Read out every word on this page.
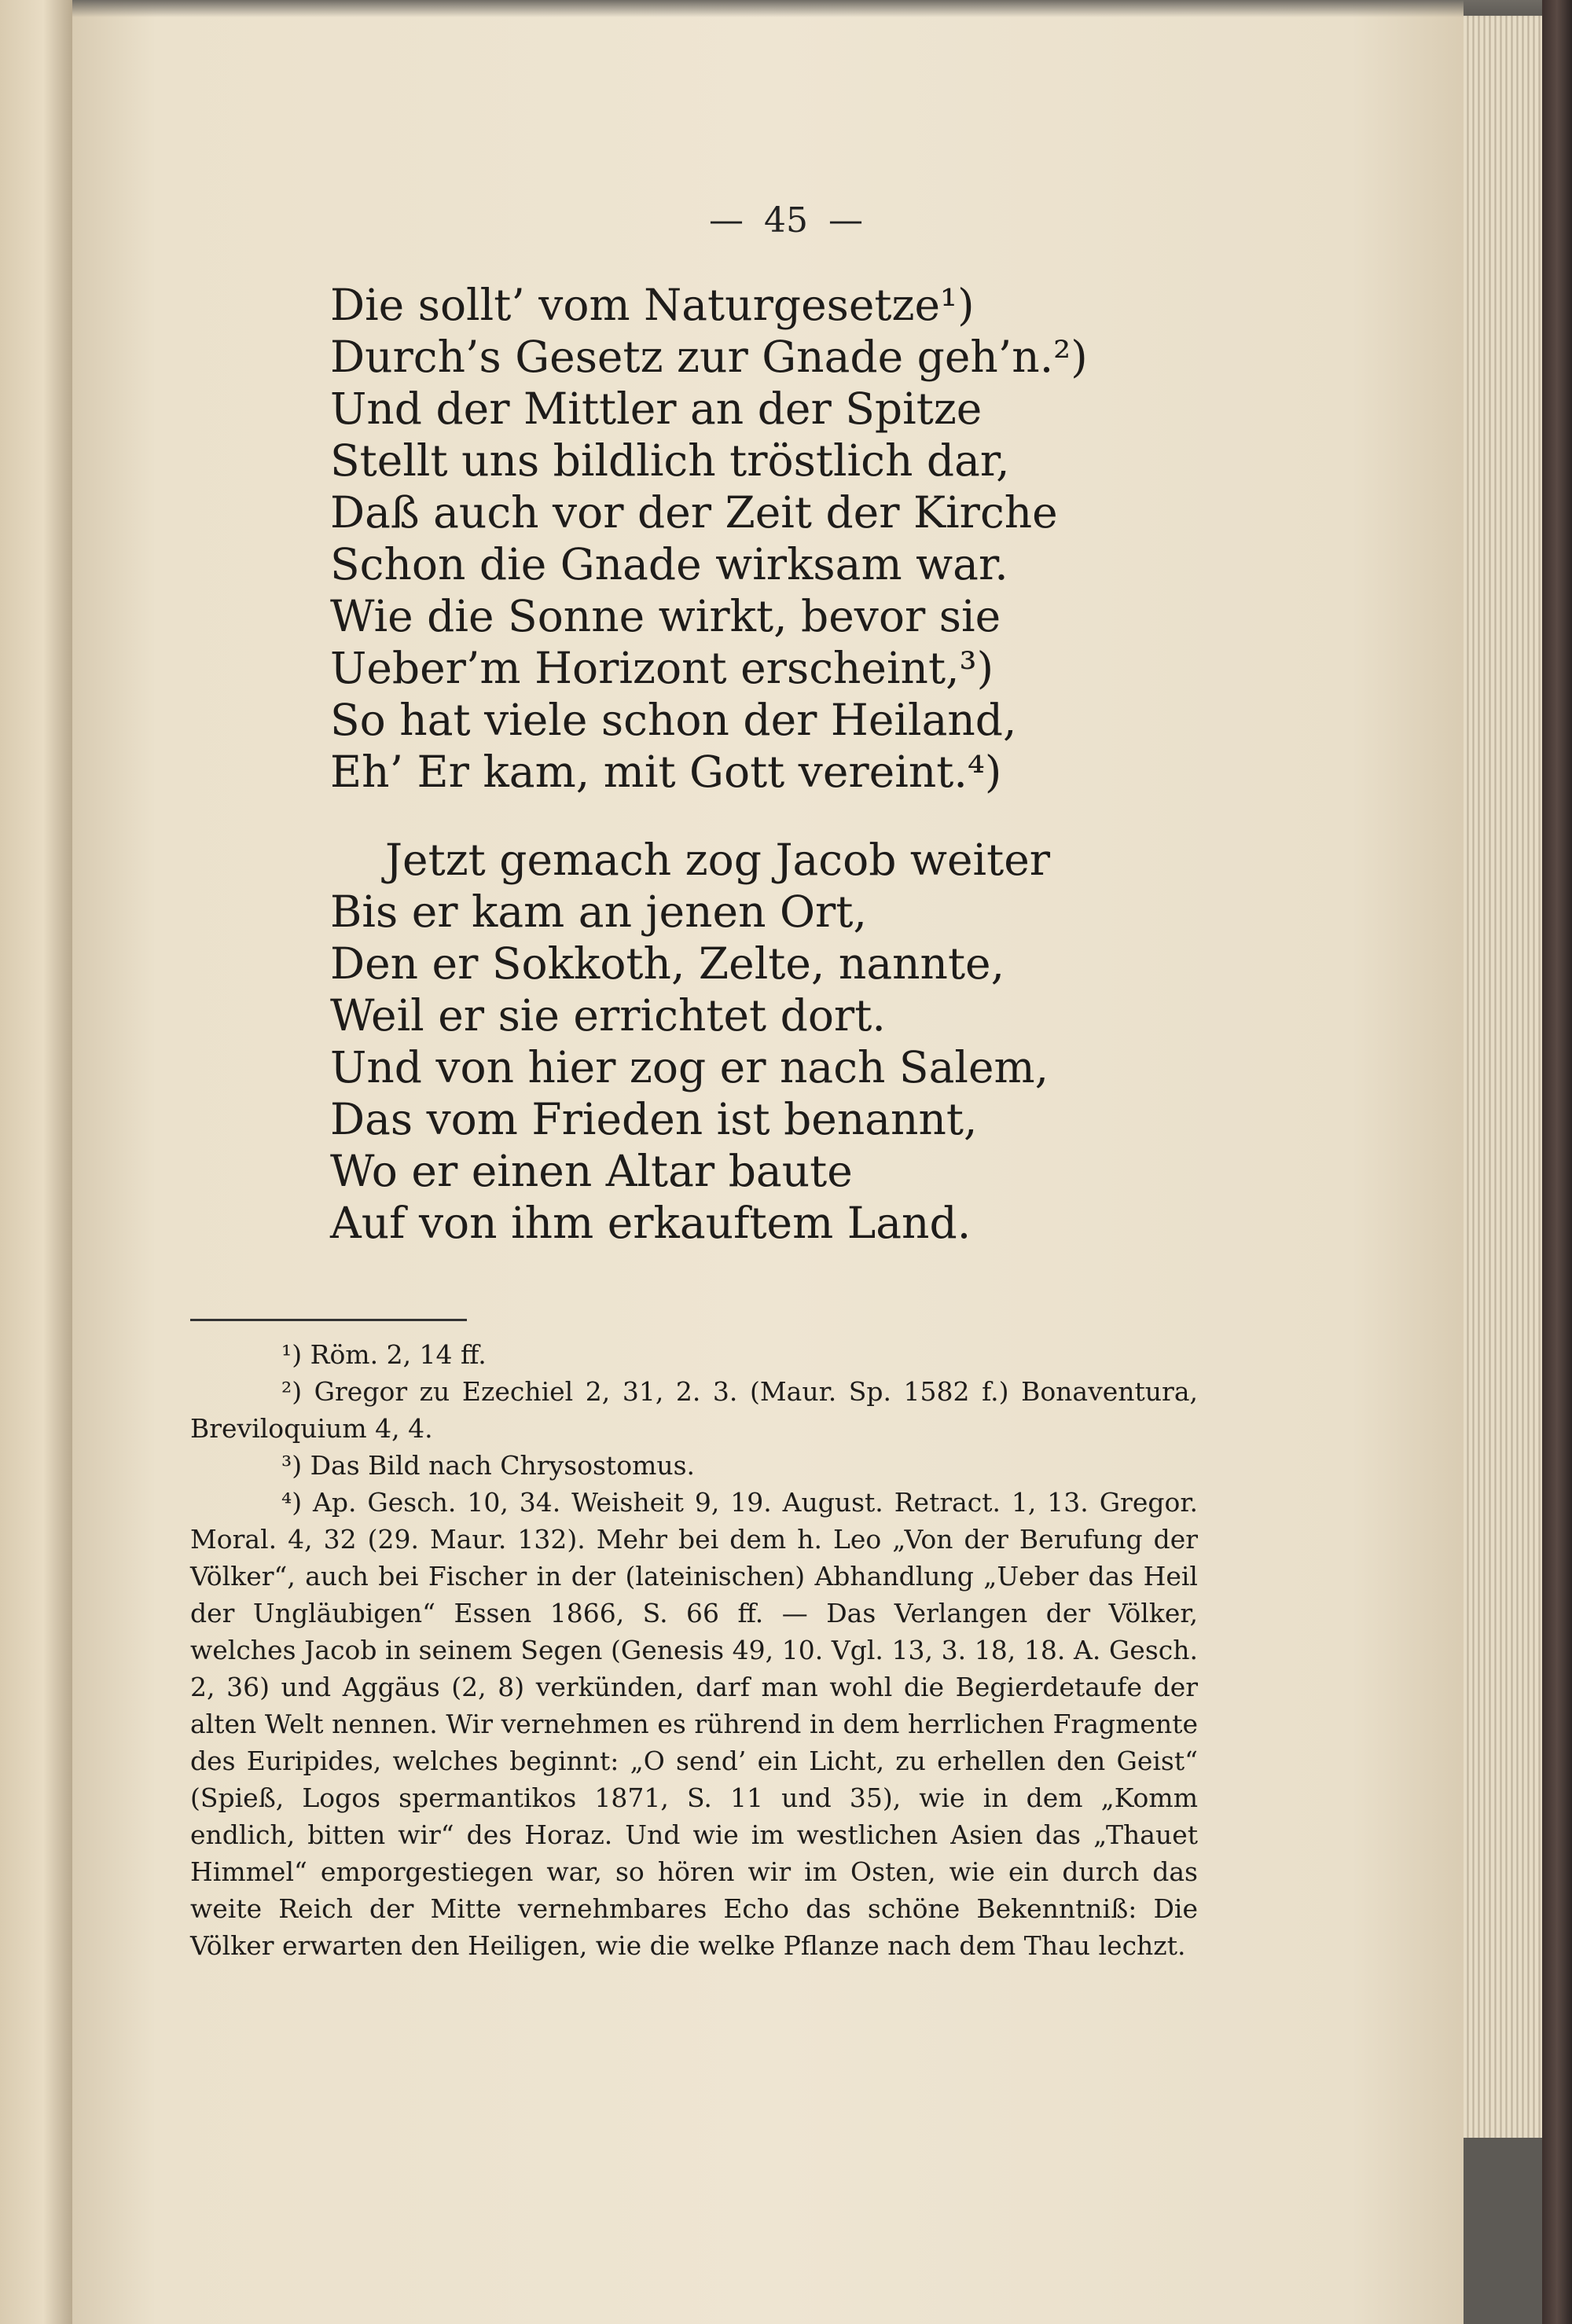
— 45 —
Die sollt’ vom Naturgesetze¹)
Durch’s Gesetz zur Gnade geh’n.²)
Und der Mittler an der Spitze
Stellt uns bildlich tröstlich dar,
Daß auch vor der Zeit der Kirche
Schon die Gnade wirksam war.
Wie die Sonne wirkt, bevor sie
Ueber’m Horizont erscheint,³)
So hat viele schon der Heiland,
Eh’ Er kam, mit Gott vereint.⁴)
Jetzt gemach zog Jacob weiter
Bis er kam an jenen Ort,
Den er Sokkoth, Zelte, nannte,
Weil er sie errichtet dort.
Und von hier zog er nach Salem,
Das vom Frieden ist benannt,
Wo er einen Altar baute
Auf von ihm erkauftem Land.

¹) Röm. 2, 14 ff.

²) Gregor zu Ezechiel 2, 31, 2. 3. (Maur. Sp. 1582 f.) Bonaventura, Breviloquium 4, 4.

³) Das Bild nach Chrysostomus.

⁴) Ap. Gesch. 10, 34. Weisheit 9, 19. August. Retract. 1, 13. Gregor. Moral. 4, 32 (29. Maur. 132). Mehr bei dem h. Leo „Von der Berufung der Völker“, auch bei Fischer in der (lateinischen) Abhandlung „Ueber das Heil der Ungläubigen“ Essen 1866, S. 66 ff. — Das Verlangen der Völker, welches Jacob in seinem Segen (Genesis 49, 10. Vgl. 13, 3. 18, 18. A. Gesch. 2, 36) und Aggäus (2, 8) verkünden, darf man wohl die Begierdetaufe der alten Welt nennen. Wir vernehmen es rührend in dem herrlichen Fragmente des Euripides, welches beginnt: „O send’ ein Licht, zu erhellen den Geist“ (Spieß, Logos spermantikos 1871, S. 11 und 35), wie in dem „Komm endlich, bitten wir“ des Horaz. Und wie im westlichen Asien das „Thauet Himmel“ emporgestiegen war, so hören wir im Osten, wie ein durch das weite Reich der Mitte vernehmbares Echo das schöne Bekenntniß: Die Völker erwarten den Heiligen, wie die welke Pflanze nach dem Thau lechzt.
